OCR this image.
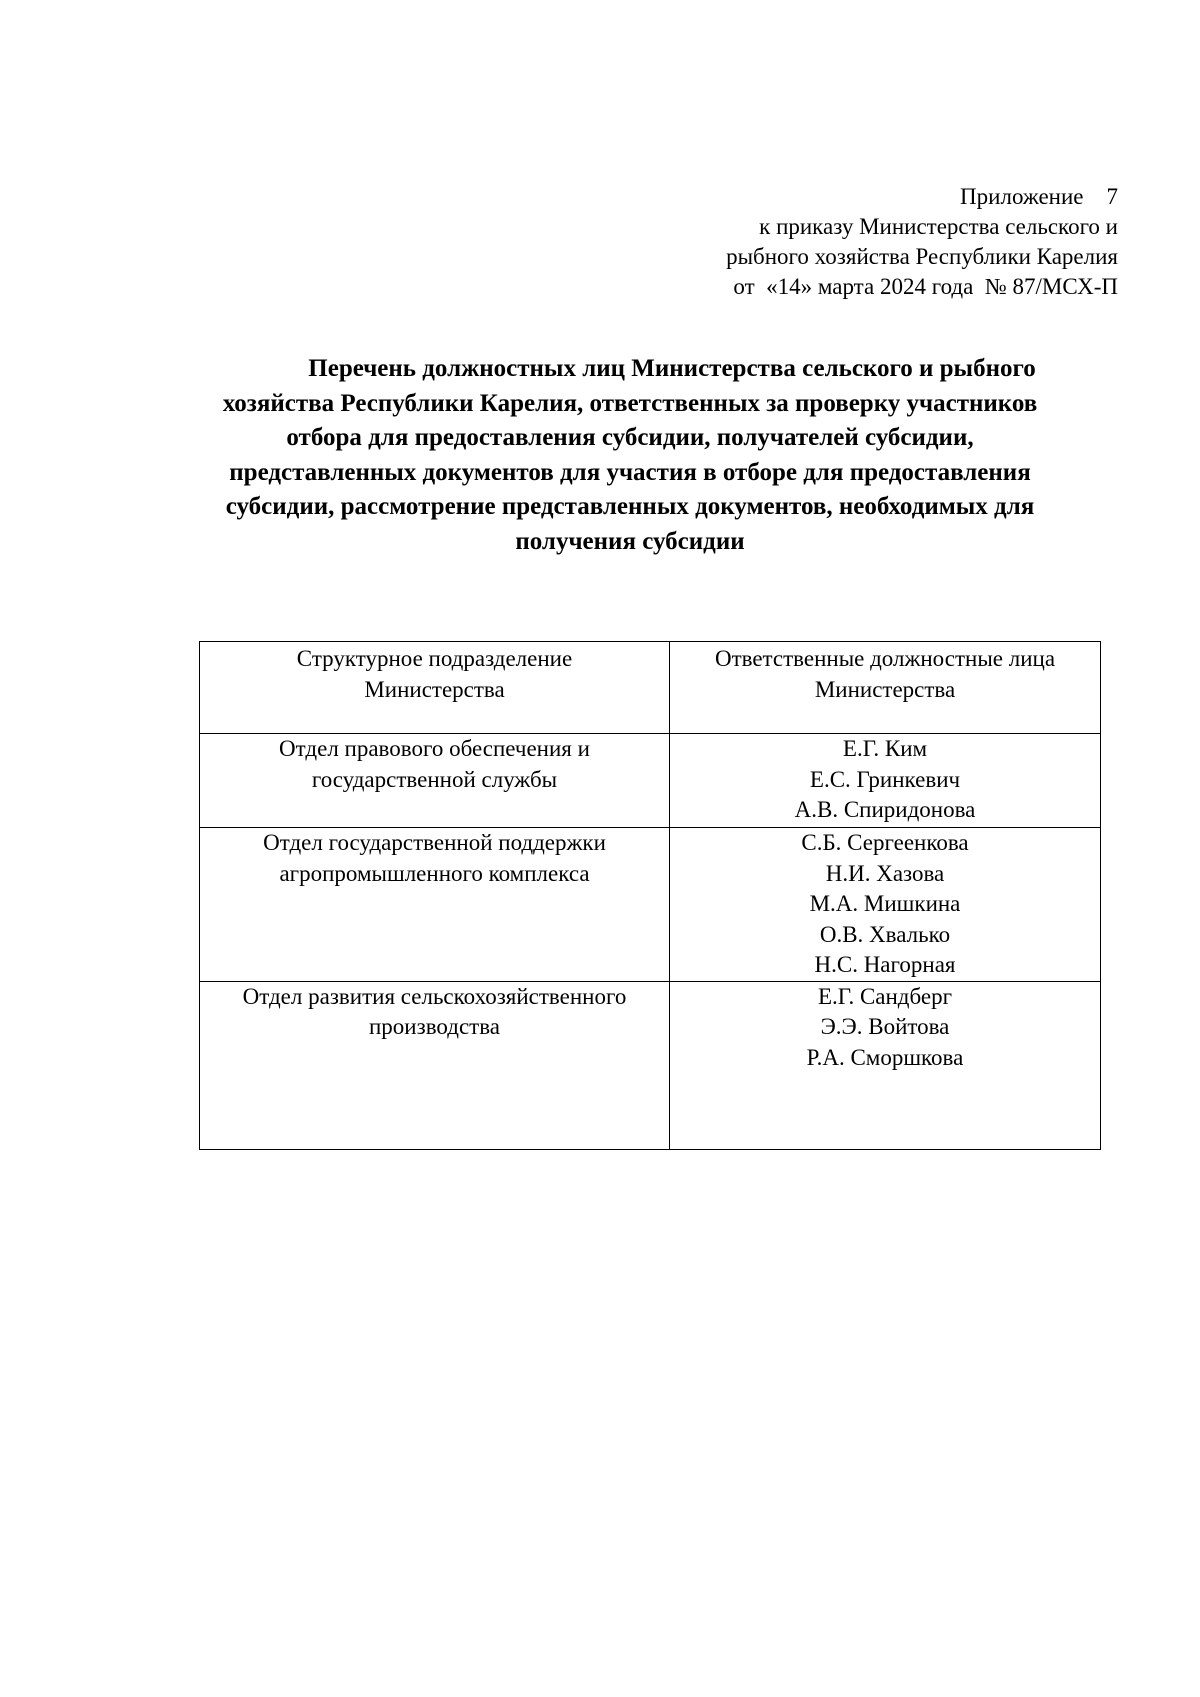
Приложение    7
к приказу Министерства сельского и
рыбного хозяйства Республики Карелия
от  «14» марта 2024 года  № 87/МСХ-П
Перечень должностных лиц Министерства сельского и рыбного
хозяйства Республики Карелия, ответственных за проверку участников
отбора для предоставления субсидии, получателей субсидии,
представленных документов для участия в отборе для предоставления
субсидии, рассмотрение представленных документов, необходимых для
получения субсидии
Структурное подразделение
Министерства	Ответственные должностные лица
Министерства

Отдел правового обеспечения и
государственной службы	Е.Г. Ким
Е.С. Гринкевич
А.В. Спиридонова

Отдел государственной поддержки
агропромышленного комплекса	С.Б. Сергеенкова
Н.И. Хазова
М.А. Мишкина
О.В. Хвалько
Н.С. Нагорная

Отдел развития сельскохозяйственного
производства	Е.Г. Сандберг
Э.Э. Войтова
Р.А. Сморшкова
